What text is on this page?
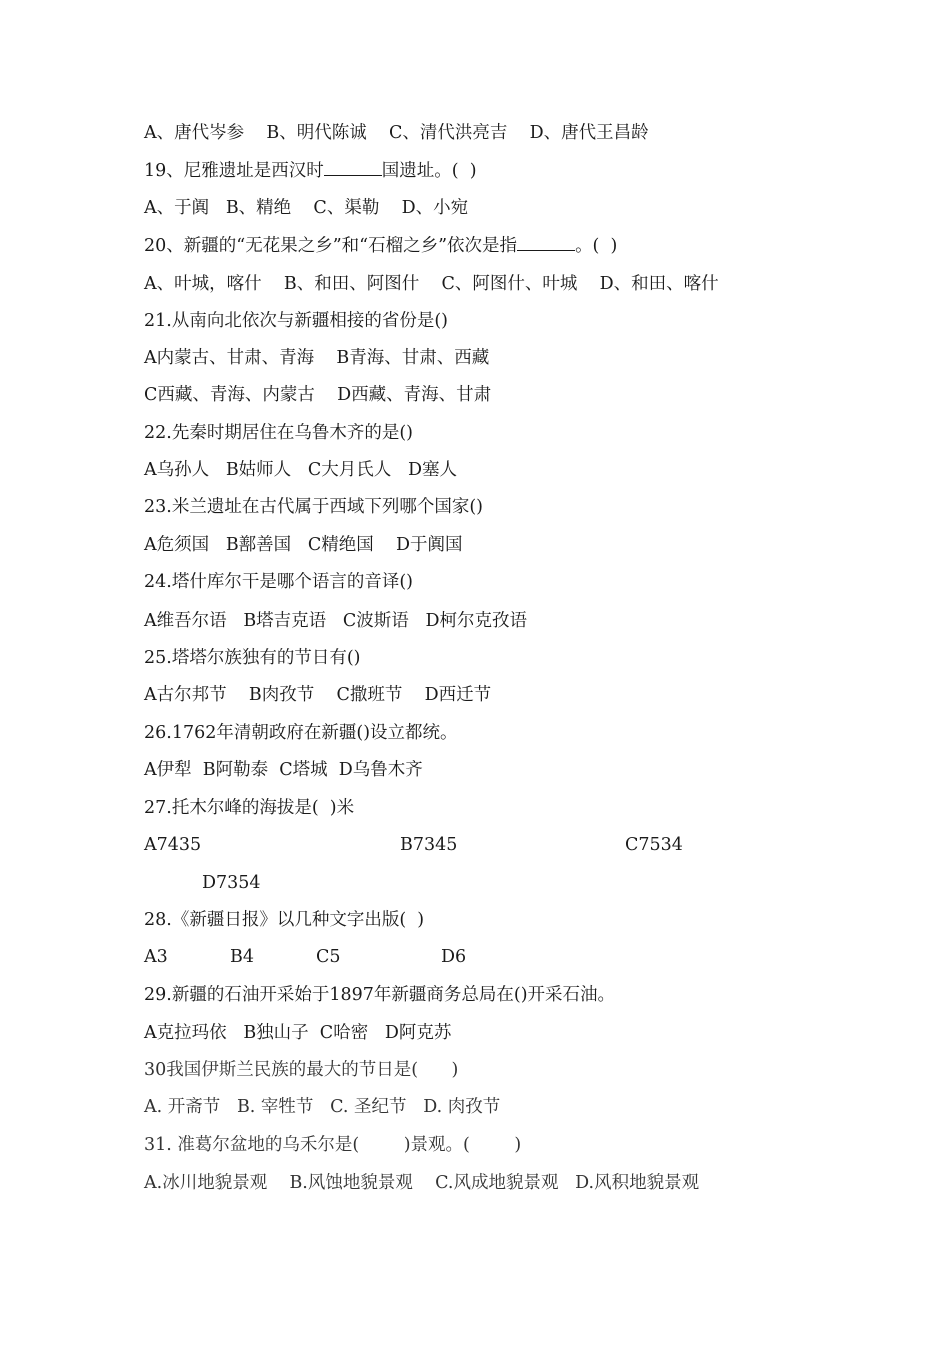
A、唐代岑参    B、明代陈诚    C、清代洪亮吉    D、唐代王昌龄

19、尼雅遗址是西汉时	国遗址。(  )

A、于阗   B、精绝    C、渠勒    D、小宛

20、新疆的“无花果之乡”和“石榴之乡”依次是指	。(  )

A、叶城，喀什    B、和田、阿图什    C、阿图什、叶城    D、和田、喀什

21.从南向北依次与新疆相接的省份是()

A内蒙古、甘肃、青海    B青海、甘肃、西藏

C西藏、青海、内蒙古    D西藏、青海、甘肃

22.先秦时期居住在乌鲁木齐的是()

A乌孙人   B姑师人   C大月氏人   D塞人

23.米兰遗址在古代属于西域下列哪个国家()

A危须国   B鄯善国   C精绝国    D于阗国

24.塔什库尔干是哪个语言的音译()

A维吾尔语   B塔吉克语   C波斯语   D柯尔克孜语

25.塔塔尔族独有的节日有()

A古尔邦节    B肉孜节    C撒班节    D西迁节

26.1762年清朝政府在新疆()设立都统。

A伊犁  B阿勒泰  C塔城  D乌鲁木齐

27.托木尔峰的海拔是(  )米

A7435	B7345	C7534

D7354

28.《新疆日报》以几种文字出版(  )

A3	B4	C5	D6

29.新疆的石油开采始于1897年新疆商务总局在()开采石油。

A克拉玛依   B独山子  C哈密   D阿克苏

30我国伊斯兰民族的最大的节日是(      )

A. 开斋节   B. 宰牲节   C. 圣纪节   D. 肉孜节

31. 准葛尔盆地的乌禾尔是(        )景观。(        )

A.冰川地貌景观    B.风蚀地貌景观    C.风成地貌景观   D.风积地貌景观
